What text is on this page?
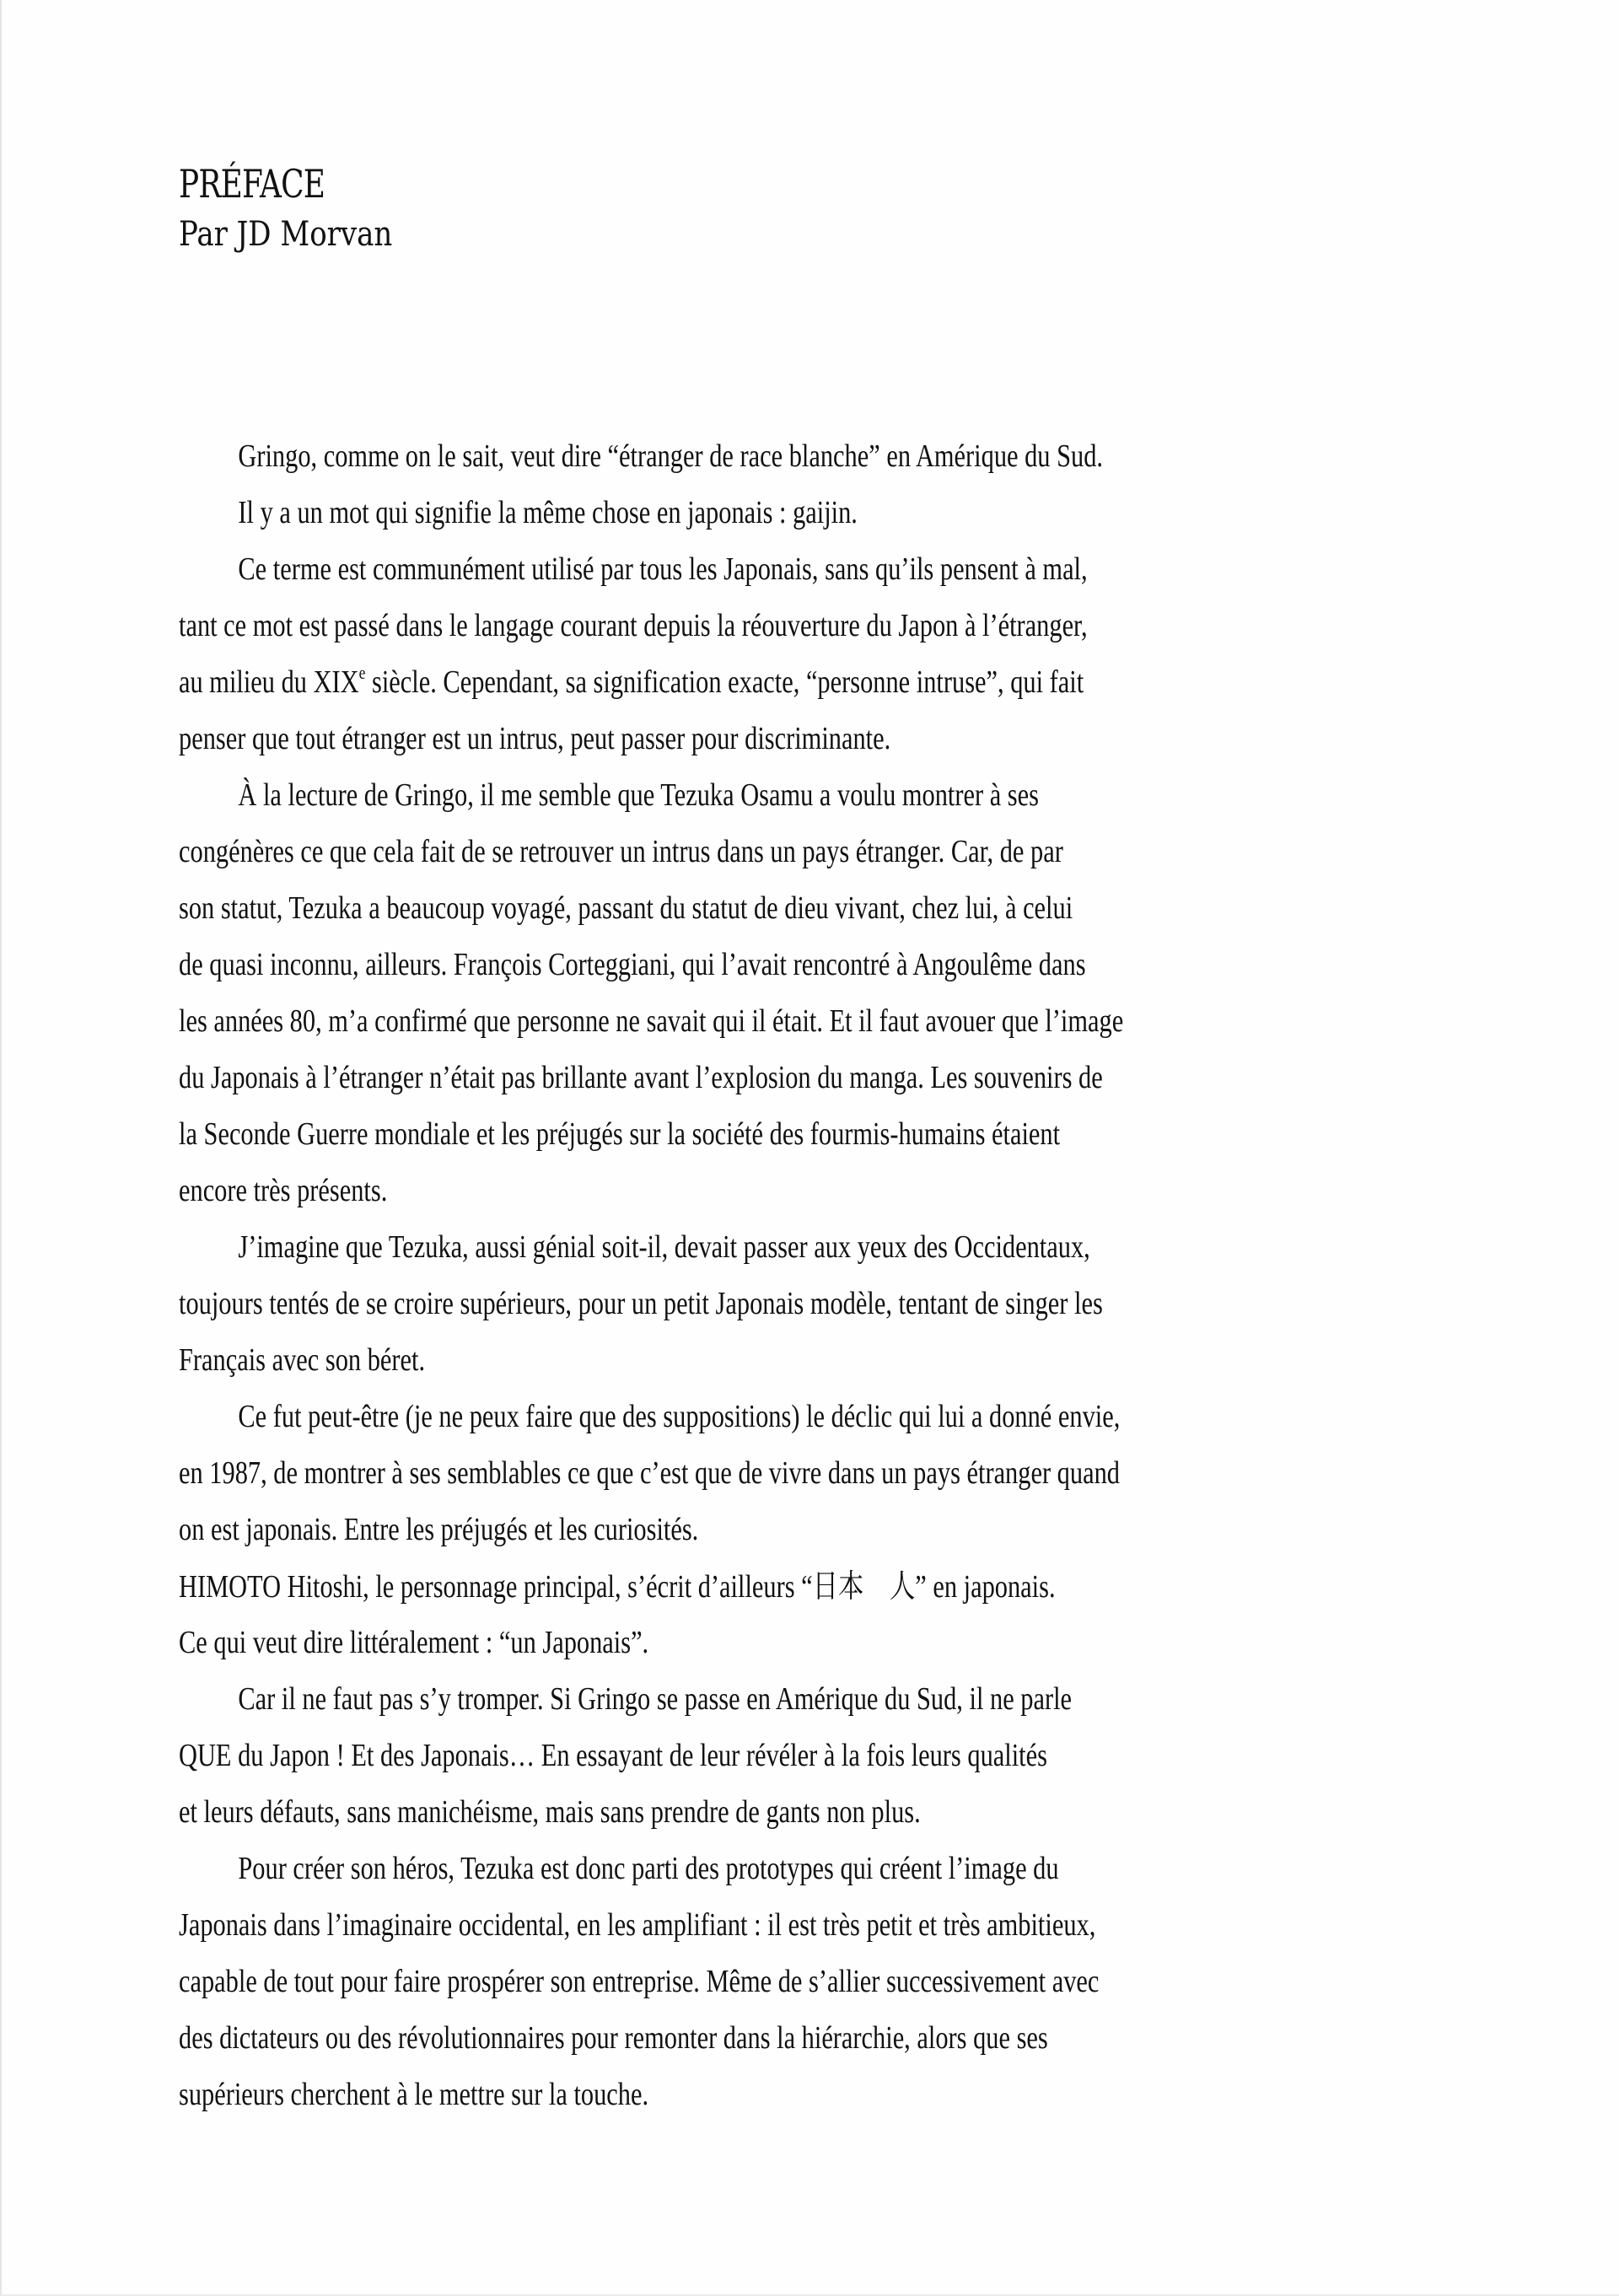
PRÉFACE
Par JD Morvan
Gringo, comme on le sait, veut dire “étranger de race blanche” en Amérique du Sud.
Il y a un mot qui signifie la même chose en japonais : gaijin.
Ce terme est communément utilisé par tous les Japonais, sans qu’ils pensent à mal,
tant ce mot est passé dans le langage courant depuis la réouverture du Japon à l’étranger,
au milieu du XIXe siècle. Cependant, sa signification exacte, “personne intruse”, qui fait
penser que tout étranger est un intrus, peut passer pour discriminante.
À la lecture de Gringo, il me semble que Tezuka Osamu a voulu montrer à ses
congénères ce que cela fait de se retrouver un intrus dans un pays étranger. Car, de par
son statut, Tezuka a beaucoup voyagé, passant du statut de dieu vivant, chez lui, à celui
de quasi inconnu, ailleurs. François Corteggiani, qui l’avait rencontré à Angoulême dans
les années 80, m’a confirmé que personne ne savait qui il était. Et il faut avouer que l’image
du Japonais à l’étranger n’était pas brillante avant l’explosion du manga. Les souvenirs de
la Seconde Guerre mondiale et les préjugés sur la société des fourmis-humains étaient
encore très présents.
J’imagine que Tezuka, aussi génial soit-il, devait passer aux yeux des Occidentaux,
toujours tentés de se croire supérieurs, pour un petit Japonais modèle, tentant de singer les
Français avec son béret.
Ce fut peut-être (je ne peux faire que des suppositions) le déclic qui lui a donné envie,
en 1987, de montrer à ses semblables ce que c’est que de vivre dans un pays étranger quand
on est japonais. Entre les préjugés et les curiosités.
HIMOTO Hitoshi, le personnage principal, s’écrit d’ailleurs “日本　人” en japonais.
Ce qui veut dire littéralement : “un Japonais”.
Car il ne faut pas s’y tromper. Si Gringo se passe en Amérique du Sud, il ne parle
QUE du Japon ! Et des Japonais… En essayant de leur révéler à la fois leurs qualités
et leurs défauts, sans manichéisme, mais sans prendre de gants non plus.
Pour créer son héros, Tezuka est donc parti des prototypes qui créent l’image du
Japonais dans l’imaginaire occidental, en les amplifiant : il est très petit et très ambitieux,
capable de tout pour faire prospérer son entreprise. Même de s’allier successivement avec
des dictateurs ou des révolutionnaires pour remonter dans la hiérarchie, alors que ses
supérieurs cherchent à le mettre sur la touche.
